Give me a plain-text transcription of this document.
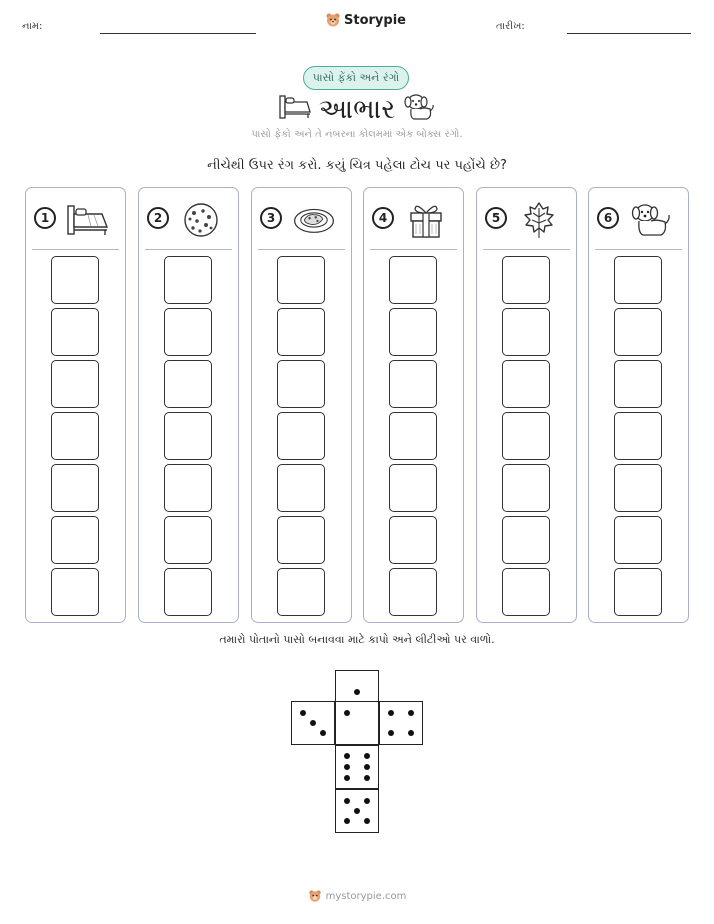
નામ:	Storypie	તારીખ:
પાસો ફેંકો અને રંગો
આભાર
પાસો ફેંકો અને તે નંબરના કોલમમાં એક બોક્સ રંગો.
નીચેથી ઉપર રંગ કરો. કયું ચિત્ર પહેલા ટોચ પર પહોંચે છે?
1	2	3	4	5	6
તમારો પોતાનો પાસો બનાવવા માટે કાપો અને લીટીઓ પર વાળો.
mystorypie.com
